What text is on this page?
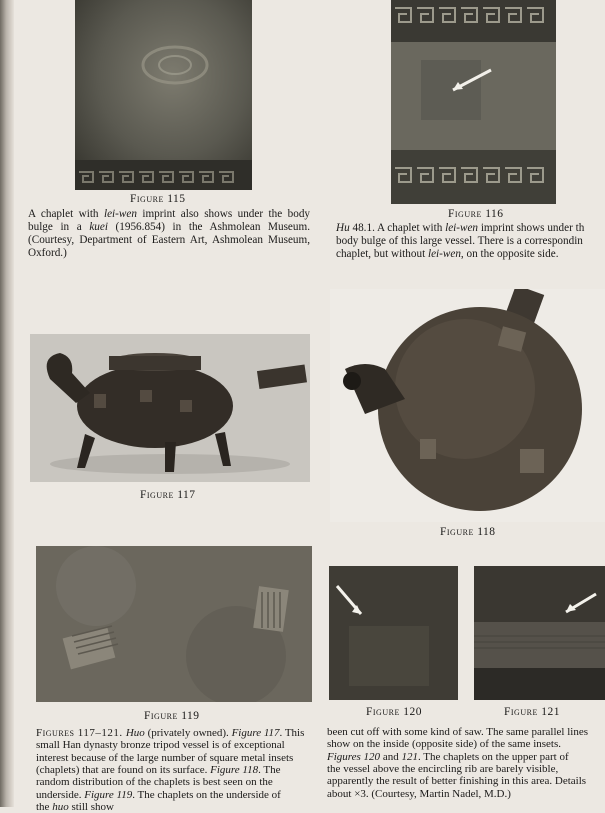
Figure 115
A chaplet with lei-wen imprint also shows under the body bulge in a kuei (1956.854) in the Ashmolean Museum. (Courtesy, Department of Eastern Art, Ashmolean Museum, Oxford.)
Figure 116
Hu 48.1. A chaplet with lei-wen imprint shows under th
body bulge of this large vessel. There is a correspondin
chaplet, but without lei-wen, on the opposite side.
Figure 117
Figure 118
Figure 119	Figure 120	Figure 121

Figures 117–121. Huo (privately owned). Figure 117. This

small Han dynasty bronze tripod vessel is of exceptional

interest because of the large number of square metal insets

(chaplets) that are found on its surface. Figure 118. The

random distribution of the chaplets is best seen on the

underside. Figure 119. The chaplets on the underside of

the huo still show

been cut off with some kind of saw. The same parallel lines

show on the inside (opposite side) of the same insets.

Figures 120 and 121. The chaplets on the upper part of

the vessel above the encircling rib are barely visible,

apparently the result of better finishing in this area. Details

about ×3. (Courtesy, Martin Nadel, M.D.)
